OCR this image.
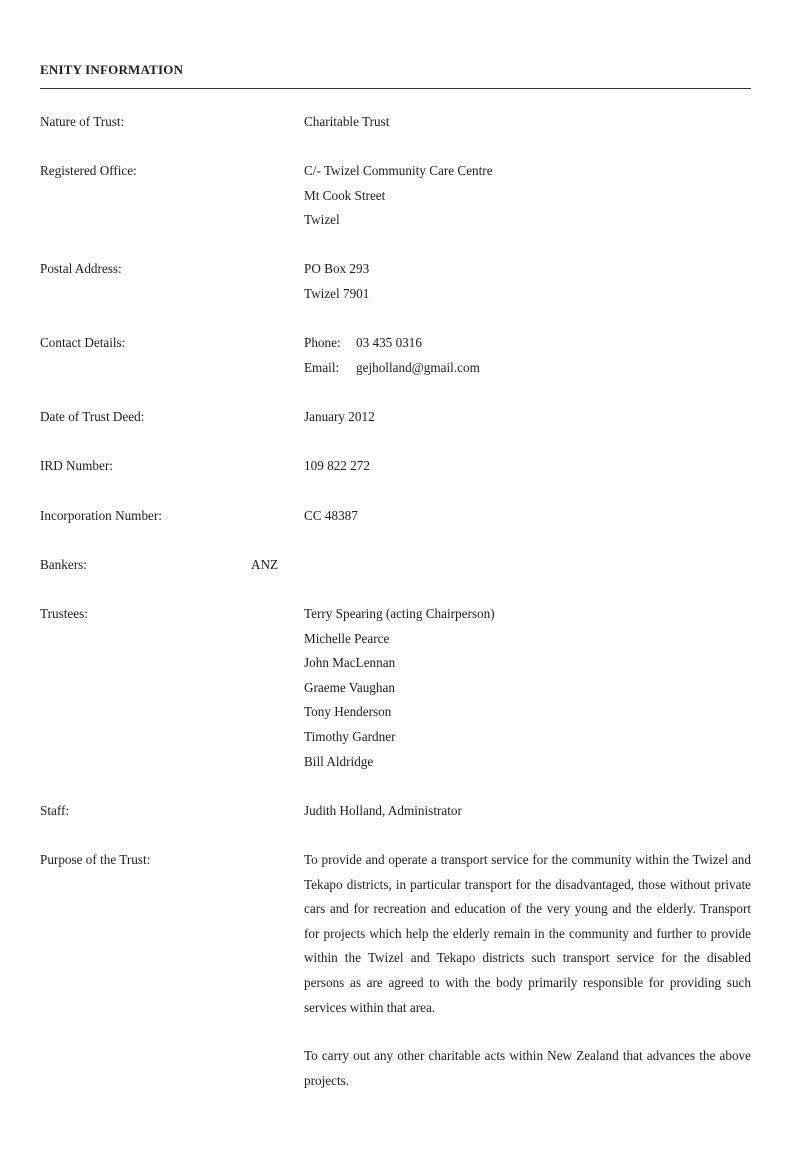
ENITY INFORMATION
Nature of Trust:	Charitable Trust
Registered Office:	C/- Twizel Community Care Centre
Mt Cook Street
Twizel
Postal Address:	PO Box 293
Twizel 7901
Contact Details:	Phone: 03 435 0316
Email: gejholland@gmail.com
Date of Trust Deed:	January 2012
IRD Number:	109 822 272
Incorporation Number:	CC 48387
Bankers:	ANZ
Trustees:	Terry Spearing (acting Chairperson)
Michelle Pearce
John MacLennan
Graeme Vaughan
Tony Henderson
Timothy Gardner
Bill Aldridge
Staff:	Judith Holland, Administrator
Purpose of the Trust:	To provide and operate a transport service for the community within the Twizel and Tekapo districts, in particular transport for the disadvantaged, those without private cars and for recreation and education of the very young and the elderly. Transport for projects which help the elderly remain in the community and further to provide within the Twizel and Tekapo districts such transport service for the disabled persons as are agreed to with the body primarily responsible for providing such services within that area.

To carry out any other charitable acts within New Zealand that advances the above projects.
